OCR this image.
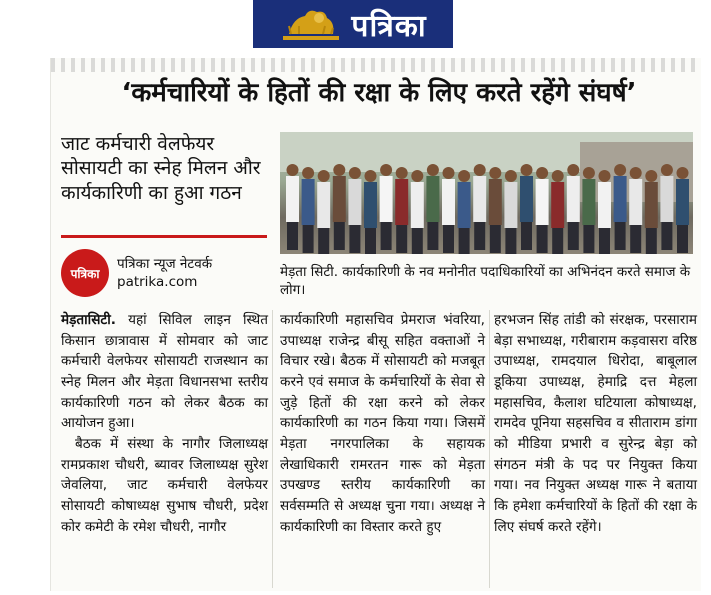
पत्रिका
‘कर्मचारियों के हितों की रक्षा के लिए करते रहेंगे संघर्ष’
जाट कर्मचारी वेलफेयर सोसायटी का स्नेह मिलन और कार्यकारिणी का हुआ गठन
पत्रिका
पत्रिका न्यूज नेटवर्क
patrika.com
मेड़ता सिटी. कार्यकारिणी के नव मनोनीत पदाधिकारियों का अभिनंदन करते समाज के लोग।

मेड़तासिटी. यहां सिविल लाइन स्थित किसान छात्रावास में सोमवार को जाट कर्मचारी वेलफेयर सोसायटी राजस्थान का स्नेह मिलन और मेड़ता विधानसभा स्तरीय कार्यकारिणी गठन को लेकर बैठक का आयोजन हुआ।

बैठक में संस्था के नागौर जिलाध्यक्ष रामप्रकाश चौधरी, ब्यावर जिलाध्यक्ष सुरेश जेवलिया, जाट कर्मचारी वेलफेयर सोसायटी कोषाध्यक्ष सुभाष चौधरी, प्रदेश कोर कमेटी के रमेश चौधरी, नागौर

कार्यकारिणी महासचिव प्रेमराज भंवरिया, उपाध्यक्ष राजेन्द्र बीसू सहित वक्ताओं ने विचार रखे। बैठक में सोसायटी को मजबूत करने एवं समाज के कर्मचारियों के सेवा से जुड़े हितों की रक्षा करने को लेकर कार्यकारिणी का गठन किया गया। जिसमें मेड़ता नगरपालिका के सहायक लेखाधिकारी रामरतन गारू को मेड़ता उपखण्ड स्तरीय कार्यकारिणी का सर्वसम्मति से अध्यक्ष चुना गया। अध्यक्ष ने कार्यकारिणी का विस्तार करते हुए

हरभजन सिंह तांडी को संरक्षक, परसाराम बेड़ा सभाध्यक्ष, गरीबाराम कड़वासरा वरिष्ठ उपाध्यक्ष, रामदयाल धिरोदा, बाबूलाल डूकिया उपाध्यक्ष, हेमाद्रि दत्त मेहला महासचिव, कैलाश घटियाला कोषाध्यक्ष, रामदेव पूनिया सहसचिव व सीताराम डांगा को मीडिया प्रभारी व सुरेन्द्र बेड़ा को संगठन मंत्री के पद पर नियुक्त किया गया। नव नियुक्त अध्यक्ष गारू ने बताया कि हमेशा कर्मचारियों के हितों की रक्षा के लिए संघर्ष करते रहेंगे।
